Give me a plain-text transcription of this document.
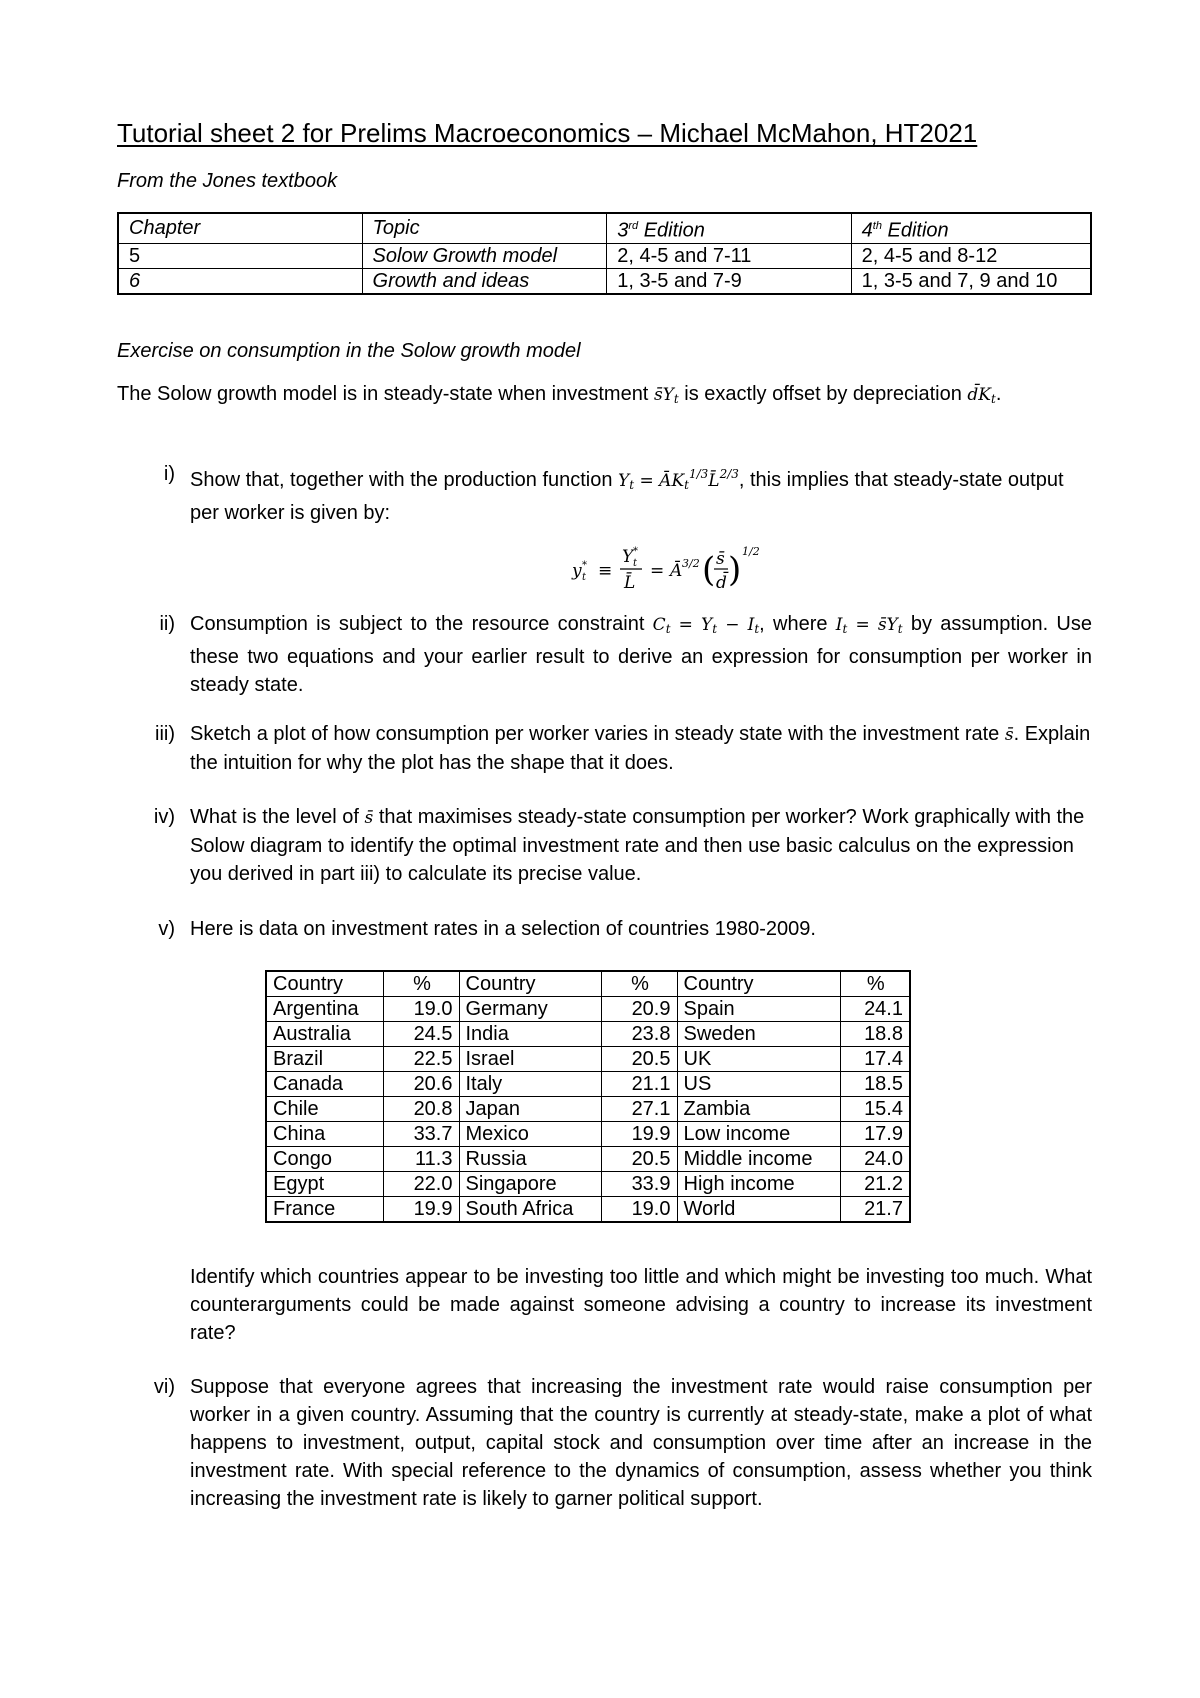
Tutorial sheet 2 for Prelims Macroeconomics – Michael McMahon, HT2021
From the Jones textbook
Chapter	Topic	3rd Edition	4th Edition
5	Solow Growth model	2, 4-5 and 7-11	2, 4-5 and 8-12
6	Growth and ideas	1, 3-5 and 7-9	1, 3-5 and 7, 9 and 10
Exercise on consumption in the Solow growth model
The Solow growth model is in steady-state when investment s̄Yt is exactly offset by depreciation d̄Kt.
i) Show that, together with the production function Yt = ĀKt$^{1/3}$L̄$^{2/3}$, this implies that steady-state output per worker is given by:
y *
t ≡
Y *
t
L̄
= Ā 3/2 ( s̄
d̄ ) 1/2
ii) Consumption is subject to the resource constraint Ct = Yt − It, where It = s̄Yt by assumption. Use these two equations and your earlier result to derive an expression for consumption per worker in steady state.
iii) Sketch a plot of how consumption per worker varies in steady state with the investment rate s̄. Explain the intuition for why the plot has the shape that it does.
iv) What is the level of s̄ that maximises steady-state consumption per worker? Work graphically with the Solow diagram to identify the optimal investment rate and then use basic calculus on the expression you derived in part iii) to calculate its precise value.
v) Here is data on investment rates in a selection of countries 1980-2009.
Country	%	Country	%	Country	%
Argentina	19.0	Germany	20.9	Spain	24.1
Australia	24.5	India	23.8	Sweden	18.8
Brazil	22.5	Israel	20.5	UK	17.4
Canada	20.6	Italy	21.1	US	18.5
Chile	20.8	Japan	27.1	Zambia	15.4
China	33.7	Mexico	19.9	Low income	17.9
Congo	11.3	Russia	20.5	Middle income	24.0
Egypt	22.0	Singapore	33.9	High income	21.2
France	19.9	South Africa	19.0	World	21.7
Identify which countries appear to be investing too little and which might be investing too much. What counterarguments could be made against someone advising a country to increase its investment rate?
vi) Suppose that everyone agrees that increasing the investment rate would raise consumption per worker in a given country. Assuming that the country is currently at steady-state, make a plot of what happens to investment, output, capital stock and consumption over time after an increase in the investment rate. With special reference to the dynamics of consumption, assess whether you think increasing the investment rate is likely to garner political support.
